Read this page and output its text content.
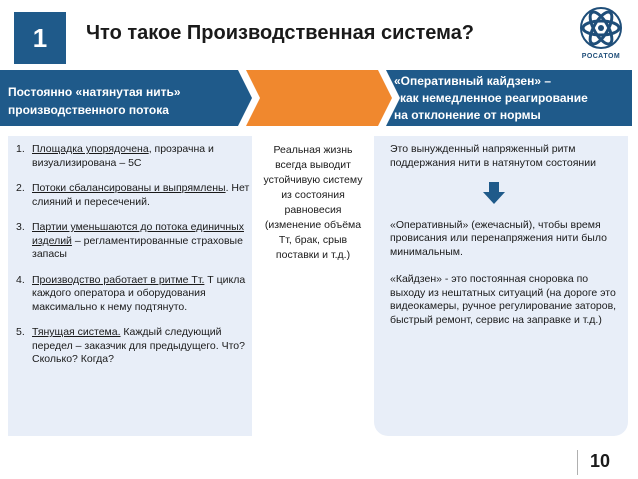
1 Что такое Производственная система?
РОСАТОМ
Постоянно «натянутая нить»
производственного потока
«Оперативный кайдзен» –
как немедленное реагирование
на отклонение от нормы
1. Площадка упорядочена, прозрачна и визуализирована – 5С
2. Потоки сбалансированы и выпрямлены. Нет слияний и пересечений.
3. Партии уменьшаются до потока единичных изделий – регламентированные страховые запасы
4. Производство работает в ритме Тт. Т цикла каждого оператора и оборудования максимально к нему подтянуто.
5. Тянущая система. Каждый следующий передел – заказчик для предыдущего. Что? Сколько? Когда?
Реальная жизнь всегда выводит устойчивую систему из состояния равновесия (изменение объёма Тт, брак, срыв поставки и т.д.)

Это вынужденный напряженный ритм поддержания нити в натянутом состоянии

«Оперативный» (ежечасный), чтобы время провисания или перенапряжения нити было минимальным.

«Кайдзен» - это постоянная сноровка по выходу из нештатных ситуаций (на дороге это видеокамеры, ручное регулирование заторов, быстрый ремонт, сервис на заправке и т.д.)

10
